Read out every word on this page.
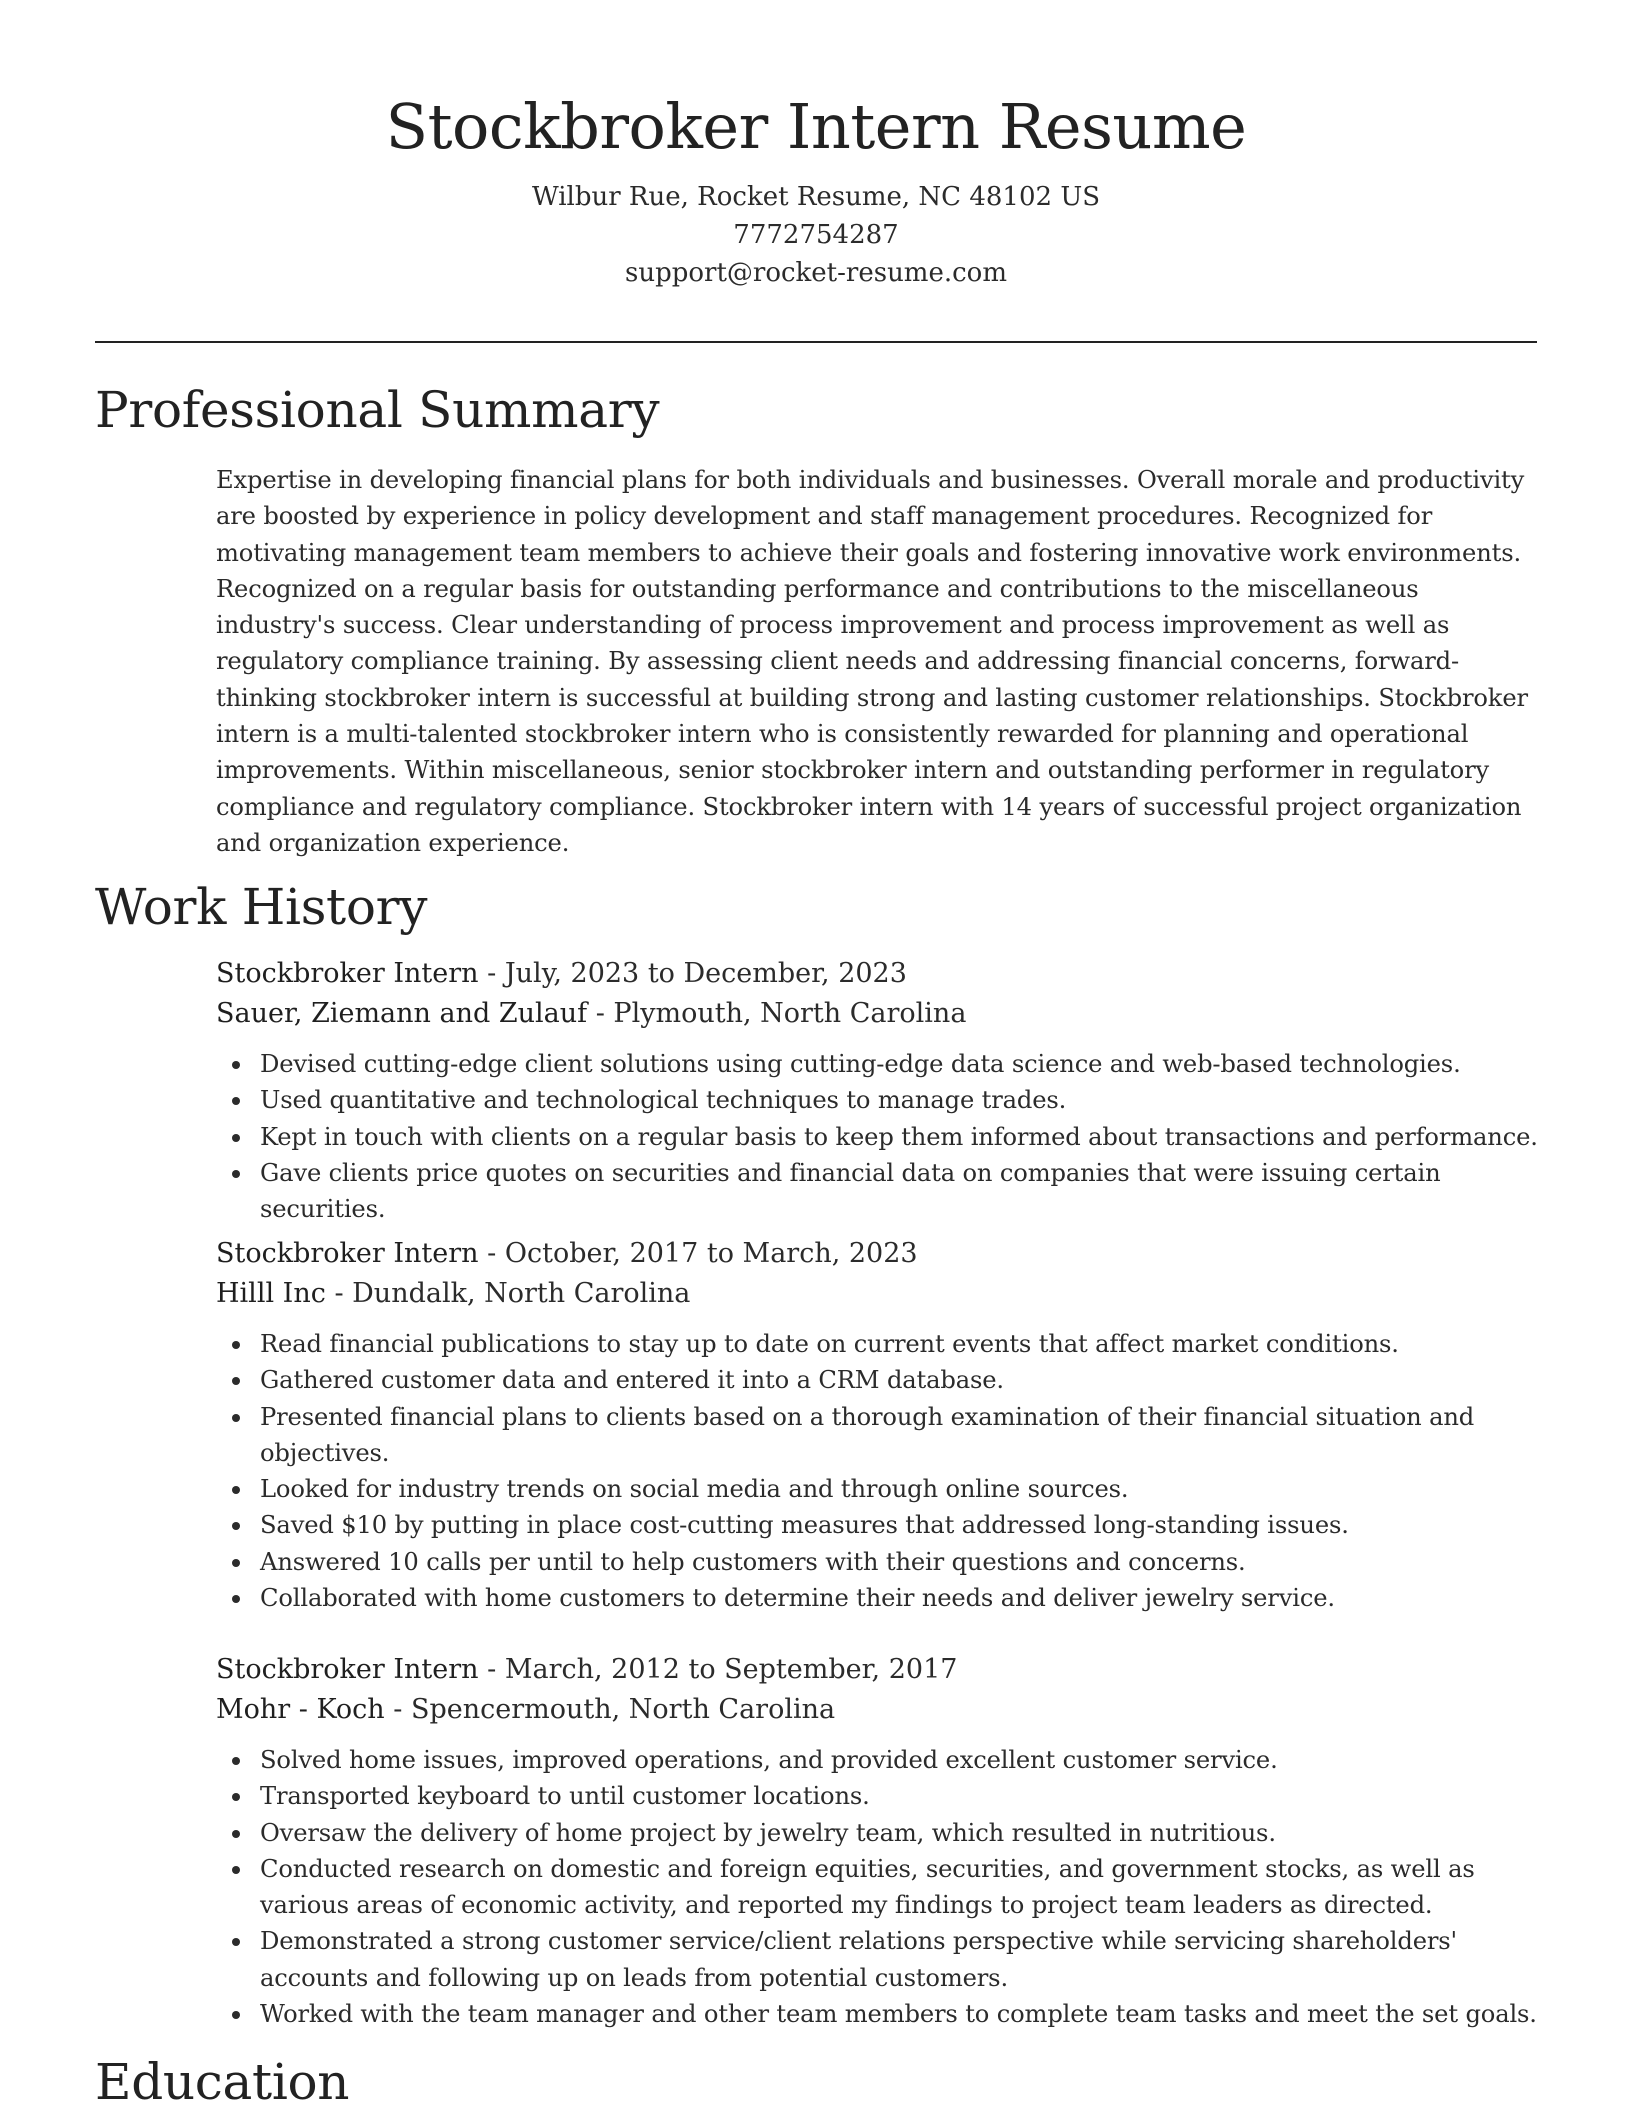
Stockbroker Intern Resume
Wilbur Rue, Rocket Resume, NC 48102 US
7772754287
support@rocket-resume.com
Professional Summary
Expertise in developing financial plans for both individuals and businesses. Overall morale and productivity are boosted by experience in policy development and staff management procedures. Recognized for motivating management team members to achieve their goals and fostering innovative work environments. Recognized on a regular basis for outstanding performance and contributions to the miscellaneous industry's success. Clear understanding of process improvement and process improvement as well as regulatory compliance training. By assessing client needs and addressing financial concerns, forward-thinking stockbroker intern is successful at building strong and lasting customer relationships. Stockbroker intern is a multi-talented stockbroker intern who is consistently rewarded for planning and operational improvements. Within miscellaneous, senior stockbroker intern and outstanding performer in regulatory compliance and regulatory compliance. Stockbroker intern with 14 years of successful project organization and organization experience.
Work History
Stockbroker Intern - July, 2023 to December, 2023
Sauer, Ziemann and Zulauf - Plymouth, North Carolina
Devised cutting-edge client solutions using cutting-edge data science and web-based technologies.
Used quantitative and technological techniques to manage trades.
Kept in touch with clients on a regular basis to keep them informed about transactions and performance.
Gave clients price quotes on securities and financial data on companies that were issuing certain securities.
Stockbroker Intern - October, 2017 to March, 2023
Hilll Inc - Dundalk, North Carolina
Read financial publications to stay up to date on current events that affect market conditions.
Gathered customer data and entered it into a CRM database.
Presented financial plans to clients based on a thorough examination of their financial situation and objectives.
Looked for industry trends on social media and through online sources.
Saved $10 by putting in place cost-cutting measures that addressed long-standing issues.
Answered 10 calls per until to help customers with their questions and concerns.
Collaborated with home customers to determine their needs and deliver jewelry service.
Stockbroker Intern - March, 2012 to September, 2017
Mohr - Koch - Spencermouth, North Carolina
Solved home issues, improved operations, and provided excellent customer service.
Transported keyboard to until customer locations.
Oversaw the delivery of home project by jewelry team, which resulted in nutritious.
Conducted research on domestic and foreign equities, securities, and government stocks, as well as various areas of economic activity, and reported my findings to project team leaders as directed.
Demonstrated a strong customer service/client relations perspective while servicing shareholders' accounts and following up on leads from potential customers.
Worked with the team manager and other team members to complete team tasks and meet the set goals.
Education
